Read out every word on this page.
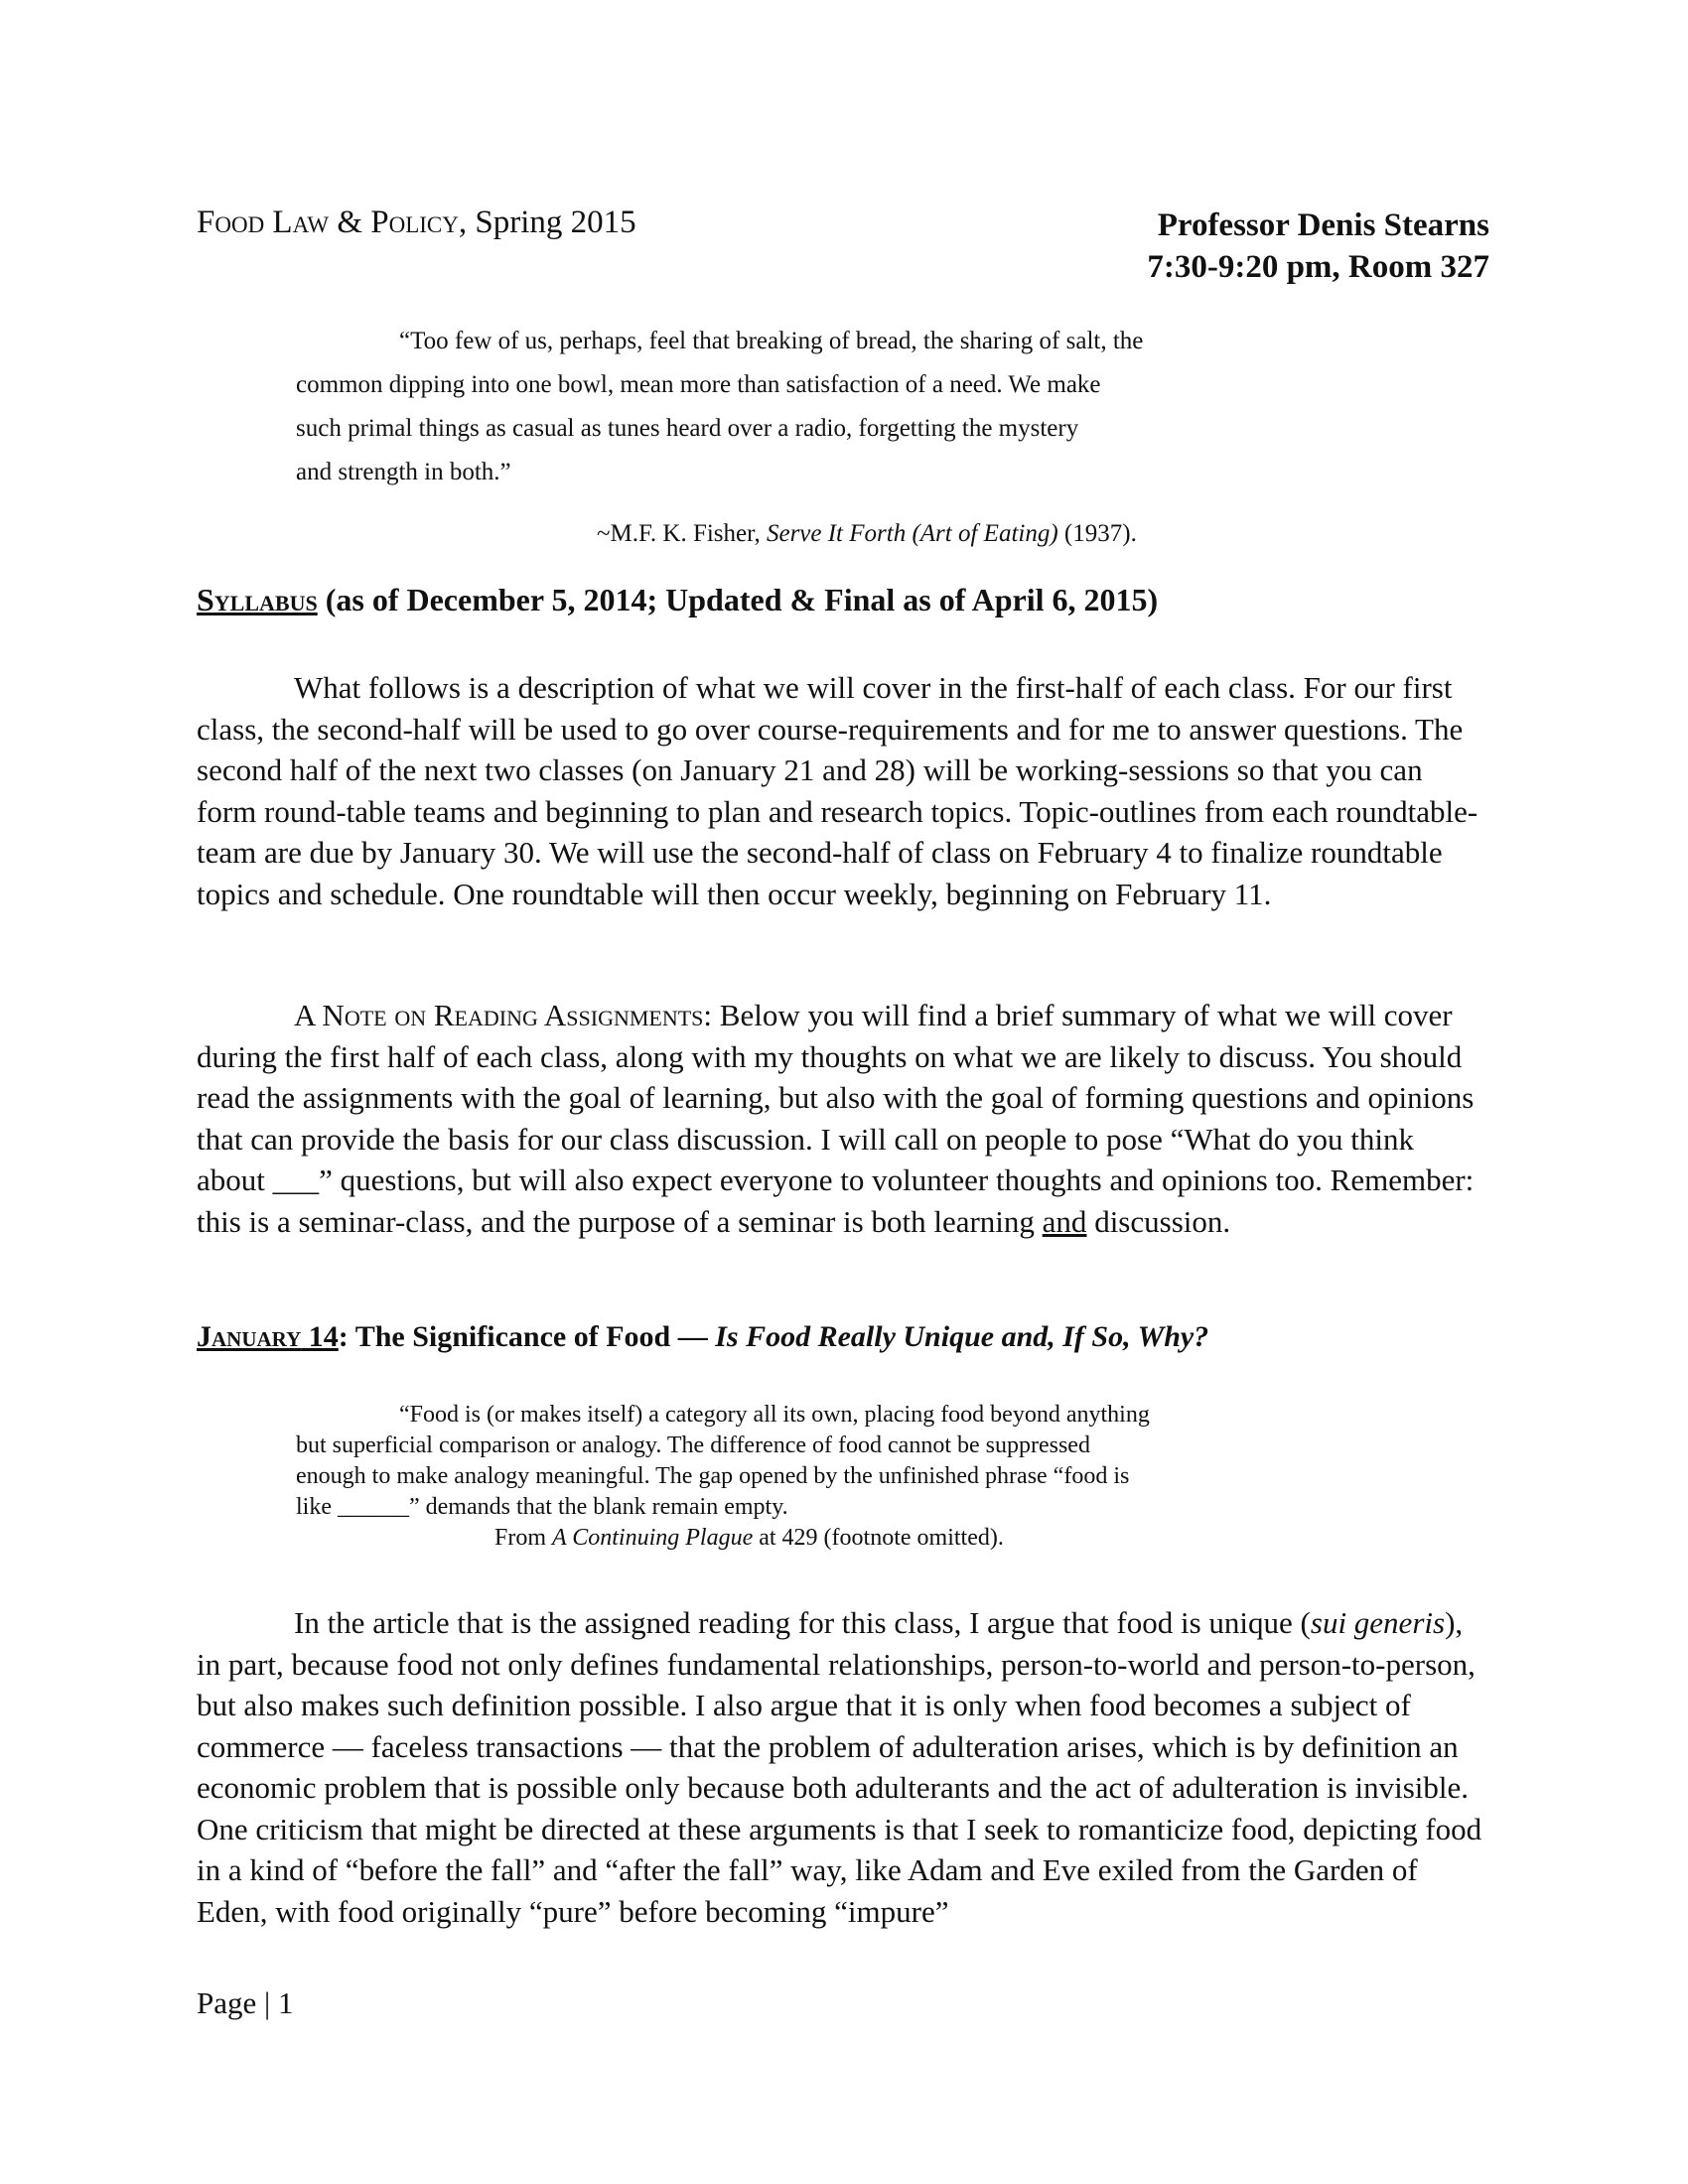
Food Law & Policy, Spring 2015	Professor Denis Stearns
7:30-9:20 pm, Room 327
“Too few of us, perhaps, feel that breaking of bread, the sharing of salt, the
common dipping into one bowl, mean more than satisfaction of a need. We make
such primal things as casual as tunes heard over a radio, forgetting the mystery
and strength in both.”
~M.F. K. Fisher, Serve It Forth (Art of Eating) (1937).
Syllabus (as of December 5, 2014; Updated & Final as of April 6, 2015)
What follows is a description of what we will cover in the first-half of each class. For our first class, the second-half will be used to go over course-requirements and for me to answer questions. The second half of the next two classes (on January 21 and 28) will be working-sessions so that you can form round-table teams and beginning to plan and research topics. Topic-outlines from each roundtable-team are due by January 30. We will use the second-half of class on February 4 to finalize roundtable topics and schedule. One roundtable will then occur weekly, beginning on February 11.
A Note on Reading Assignments: Below you will find a brief summary of what we will cover during the first half of each class, along with my thoughts on what we are likely to discuss. You should read the assignments with the goal of learning, but also with the goal of forming questions and opinions that can provide the basis for our class discussion. I will call on people to pose “What do you think about ___” questions, but will also expect everyone to volunteer thoughts and opinions too. Remember: this is a seminar-class, and the purpose of a seminar is both learning and discussion.
January 14: The Significance of Food — Is Food Really Unique and, If So, Why?
“Food is (or makes itself) a category all its own, placing food beyond anything
but superficial comparison or analogy. The difference of food cannot be suppressed
enough to make analogy meaningful. The gap opened by the unfinished phrase “food is
like ______” demands that the blank remain empty.
From A Continuing Plague at 429 (footnote omitted).
In the article that is the assigned reading for this class, I argue that food is unique (sui generis), in part, because food not only defines fundamental relationships, person-to-world and person-to-person, but also makes such definition possible. I also argue that it is only when food becomes a subject of commerce — faceless transactions — that the problem of adulteration arises, which is by definition an economic problem that is possible only because both adulterants and the act of adulteration is invisible. One criticism that might be directed at these arguments is that I seek to romanticize food, depicting food in a kind of “before the fall” and “after the fall” way, like Adam and Eve exiled from the Garden of Eden, with food originally “pure” before becoming “impure”
Page | 1
